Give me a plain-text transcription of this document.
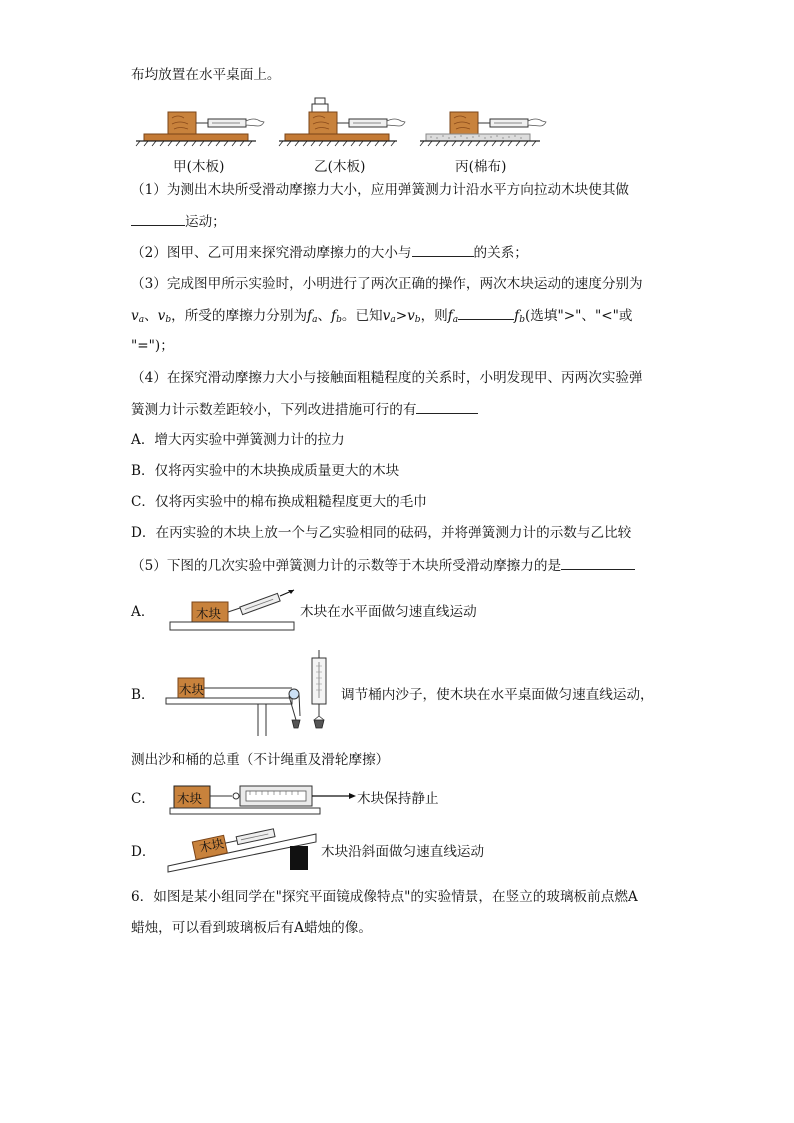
布均放置在水平桌面上。
甲(木板)	乙(木板)	丙(棉布)
（1）为测出木块所受滑动摩擦力大小，应用弹簧测力计沿水平方向拉动木块使其做
运动；
（2）图甲、乙可用来探究滑动摩擦力的大小与	的关系；
（3）完成图甲所示实验时，小明进行了两次正确的操作，两次木块运动的速度分别为
$v_a$、$v_b$，所受的摩擦力分别为$f_a$、$f_b$。已知$v_a>v_b$，则$f_a$	$f_b$(选填">"、"<"或
"=")；
（4）在探究滑动摩擦力大小与接触面粗糙程度的关系时，小明发现甲、丙两次实验弹
簧测力计示数差距较小，下列改进措施可行的有
A．增大丙实验中弹簧测力计的拉力
B．仅将丙实验中的木块换成质量更大的木块
C．仅将丙实验中的棉布换成粗糙程度更大的毛巾
D．在丙实验的木块上放一个与乙实验相同的砝码，并将弹簧测力计的示数与乙比较
（5）下图的几次实验中弹簧测力计的示数等于木块所受滑动摩擦力的是
A．	木块	木块在水平面做匀速直线运动
B． 木块	调节桶内沙子，使木块在水平桌面做匀速直线运动，
测出沙和桶的总重（不计绳重及滑轮摩擦）
C． 木块	木块保持静止
D．	木块	木块沿斜面做匀速直线运动
6．如图是某小组同学在"探究平面镜成像特点"的实验情景，在竖立的玻璃板前点燃A
蜡烛，可以看到玻璃板后有A蜡烛的像。
